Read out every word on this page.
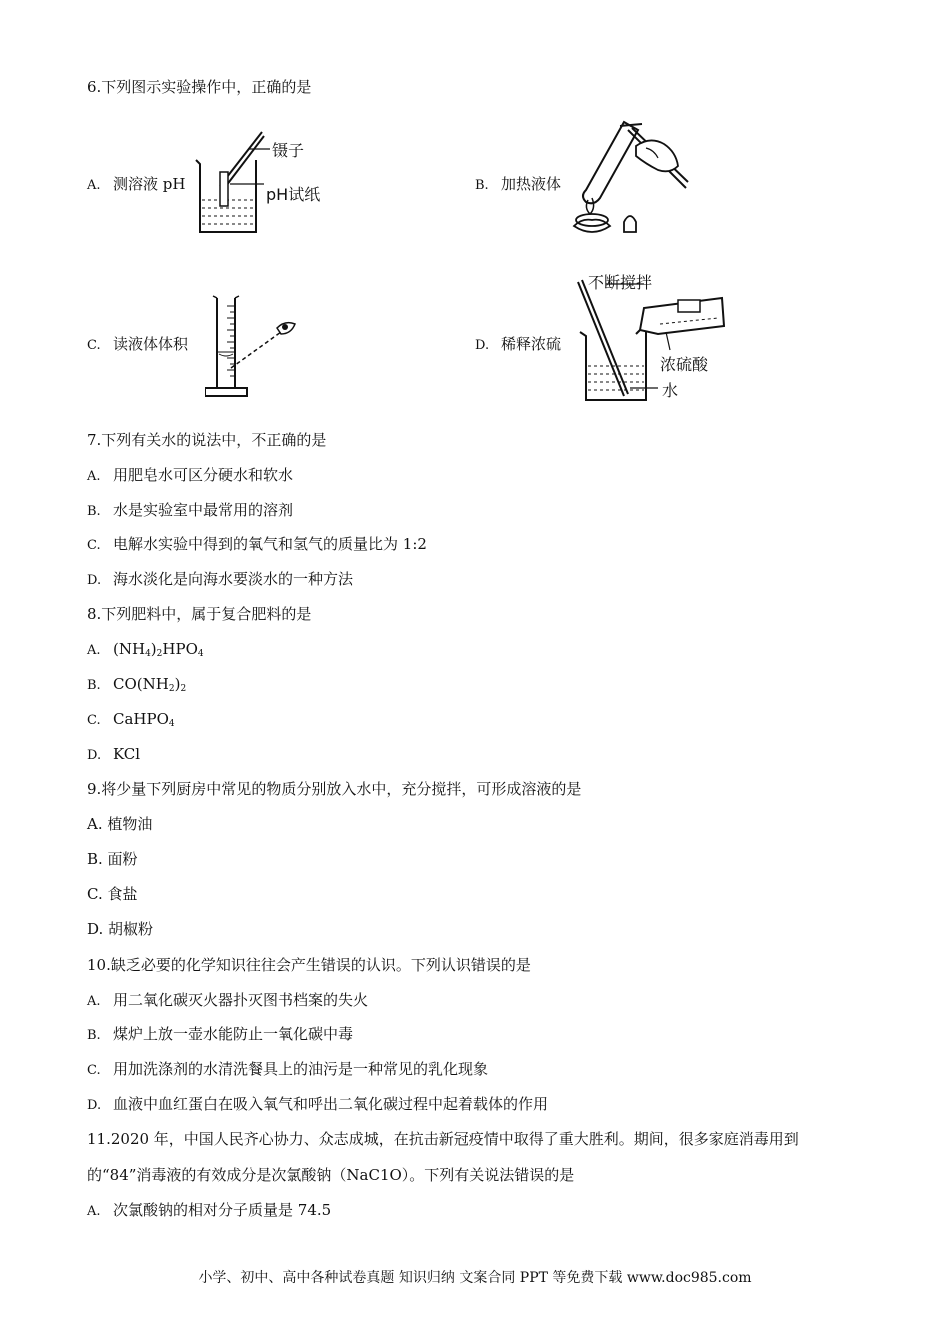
6.下列图示实验操作中，正确的是
A. 测溶液 pH	B. 加热液体
C. 读液体体积	D. 稀释浓硫
镊子
pH试纸
不断搅拌
浓硫酸
水
7.下列有关水的说法中，不正确的是
A. 用肥皂水可区分硬水和软水
B. 水是实验室中最常用的溶剂
C. 电解水实验中得到的氧气和氢气的质量比为 1:2
D. 海水淡化是向海水要淡水的一种方法
8.下列肥料中，属于复合肥料的是
A. $(NH_4)_2HPO_4$
B. $CO(NH_2)_2$
C. CaHPO$_4$
D. KCl
9.将少量下列厨房中常见的物质分别放入水中，充分搅拌，可形成溶液的是
A. 植物油
B. 面粉
C. 食盐
D. 胡椒粉
10.缺乏必要的化学知识往往会产生错误的认识。下列认识错误的是
A. 用二氧化碳灭火器扑灭图书档案的失火
B. 煤炉上放一壶水能防止一氧化碳中毒
C. 用加洗涤剂的水清洗餐具上的油污是一种常见的乳化现象
D. 血液中血红蛋白在吸入氧气和呼出二氧化碳过程中起着载体的作用
11.2020 年，中国人民齐心协力、众志成城，在抗击新冠疫情中取得了重大胜利。期间，很多家庭消毒用到
的“84”消毒液的有效成分是次氯酸钠（NaC1O）。下列有关说法错误的是
A. 次氯酸钠的相对分子质量是 74.5
小学、初中、高中各种试卷真题 知识归纳 文案合同 PPT 等免费下载 www.doc985.com
